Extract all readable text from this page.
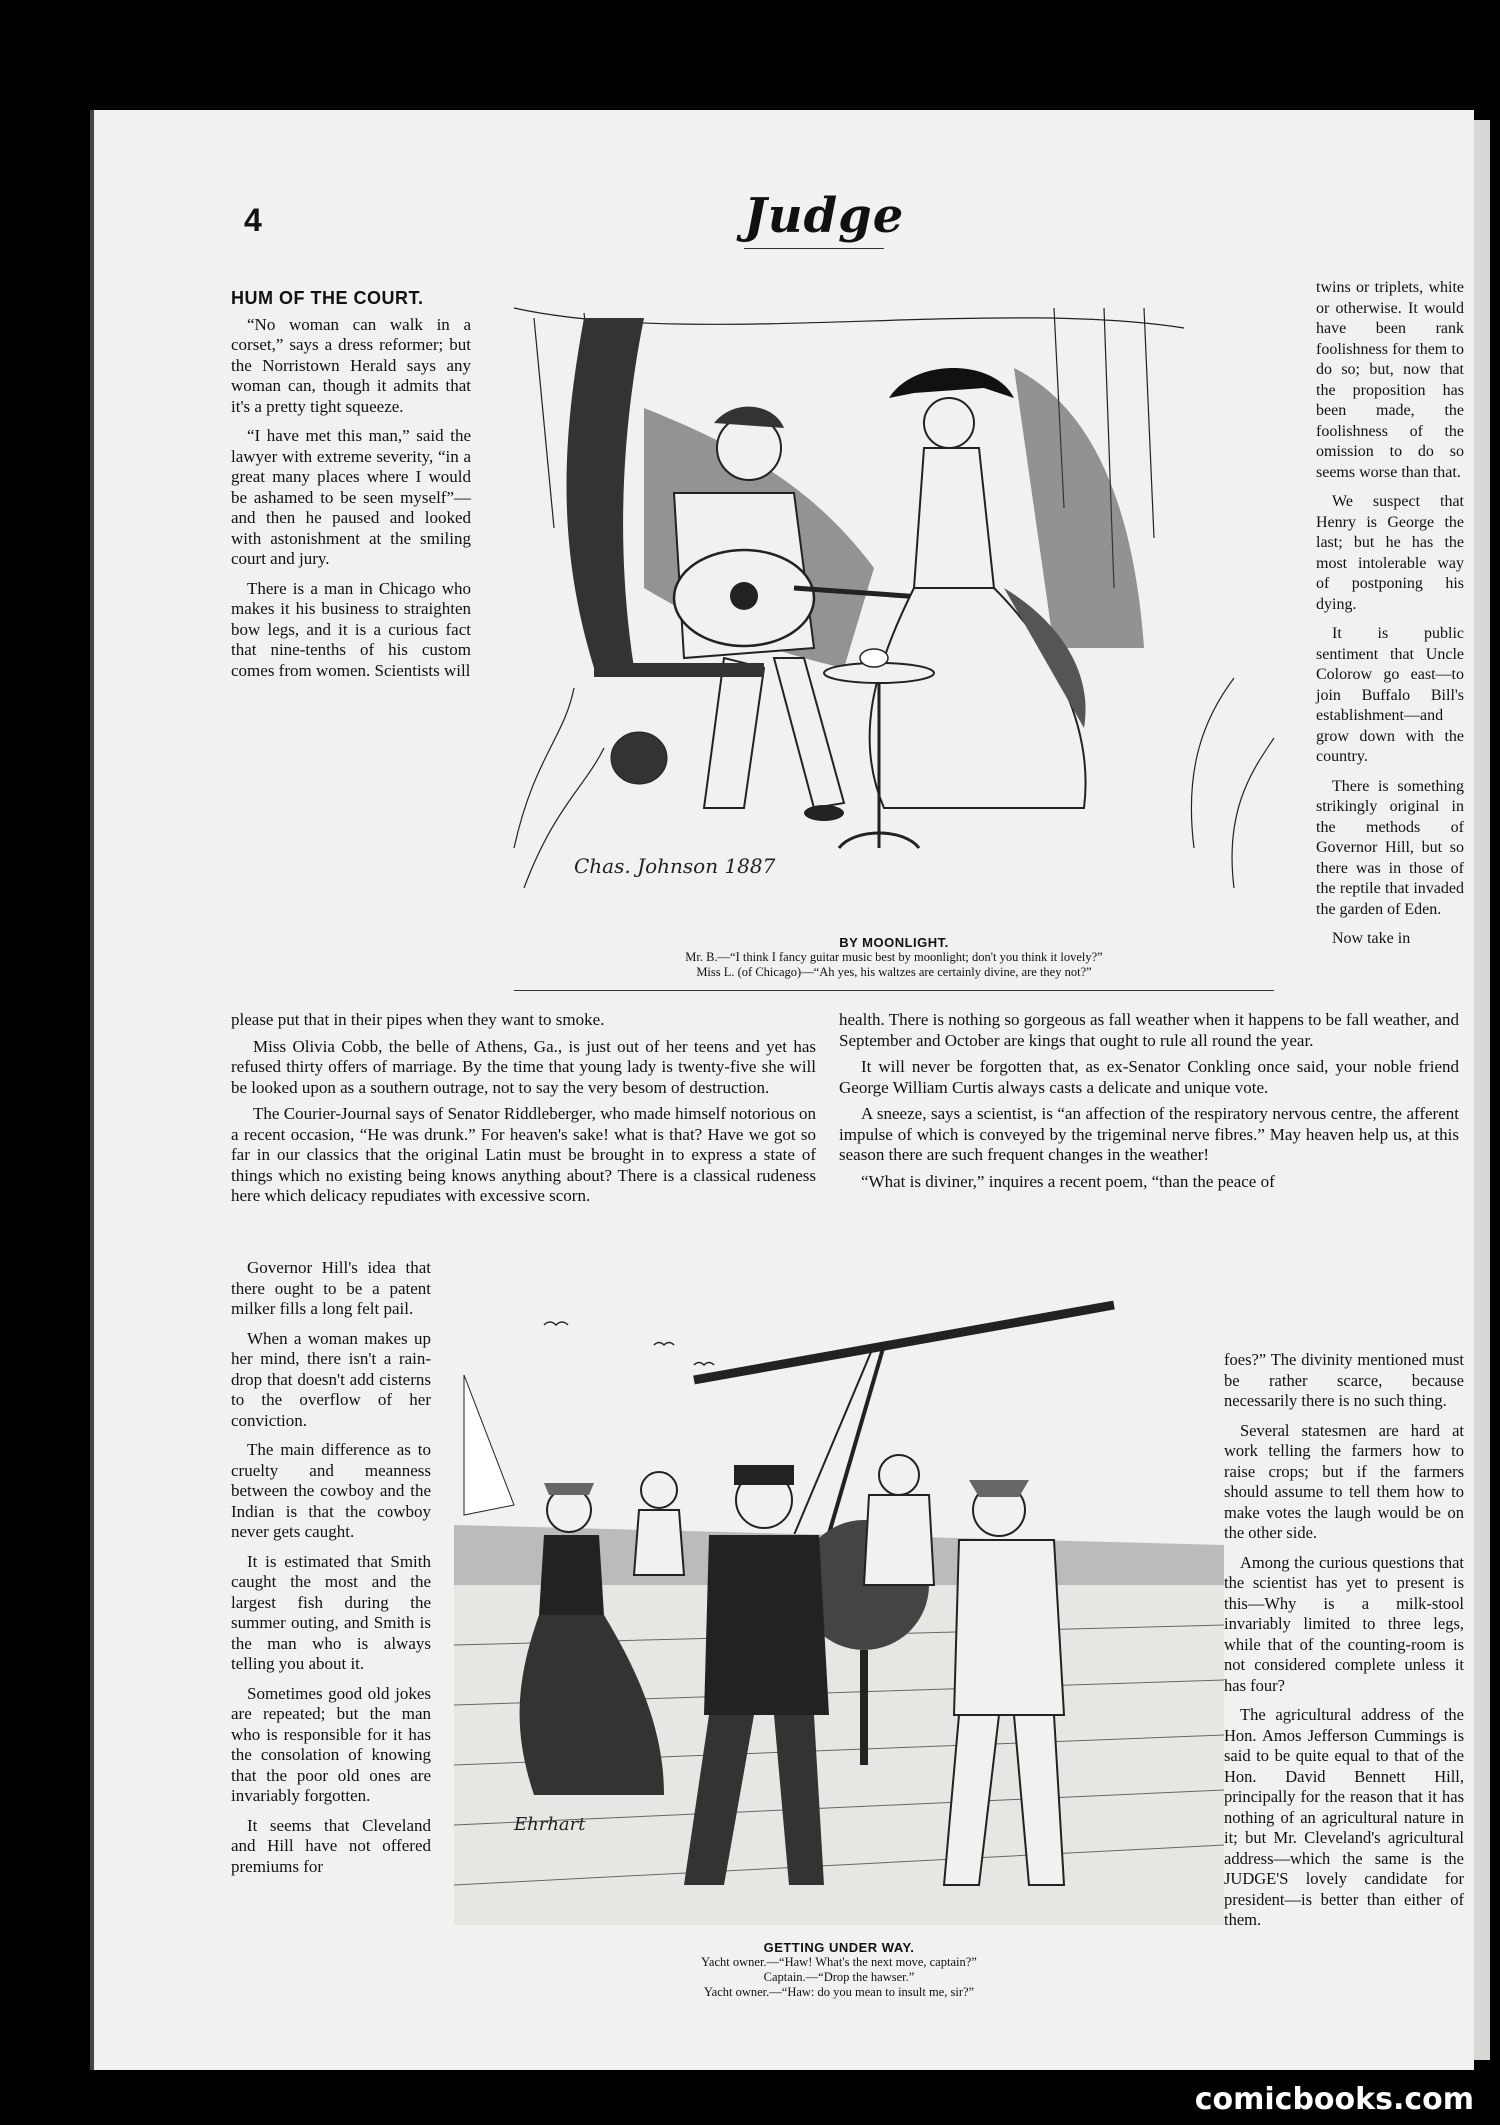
4	Judge
HUM OF THE COURT.

“No woman can walk in a corset,” says a dress reformer; but the Norristown Herald says any woman can, though it admits that it's a pretty tight squeeze.

“I have met this man,” said the lawyer with extreme severity, “in a great many places where I would be ashamed to be seen myself”—and then he paused and looked with astonishment at the smiling court and jury.

There is a man in Chicago who makes it his business to straighten bow legs, and it is a curious fact that nine-tenths of his custom comes from women. Scientists will

Chas. Johnson 1887
BY MOONLIGHT.
Mr. B.—“I think I fancy guitar music best by moonlight; don't you think it lovely?”
Miss L. (of Chicago)—“Ah yes, his waltzes are certainly divine, are they not?”

twins or triplets, white or otherwise. It would have been rank foolishness for them to do so; but, now that the proposition has been made, the foolishness of the omission to do so seems worse than that.

We suspect that Henry is George the last; but he has the most intolerable way of postponing his dying.

It is public sentiment that Uncle Colorow go east—to join Buffalo Bill's establishment—and grow down with the country.

There is something strikingly original in the methods of Governor Hill, but so there was in those of the reptile that invaded the garden of Eden.

Now take in

please put that in their pipes when they want to smoke.

Miss Olivia Cobb, the belle of Athens, Ga., is just out of her teens and yet has refused thirty offers of marriage. By the time that young lady is twenty-five she will be looked upon as a southern outrage, not to say the very besom of destruction.

The Courier-Journal says of Senator Riddleberger, who made himself notorious on a recent occasion, “He was drunk.” For heaven's sake! what is that? Have we got so far in our classics that the original Latin must be brought in to express a state of things which no existing being knows anything about? There is a classical rudeness here which delicacy repudiates with excessive scorn.

health. There is nothing so gorgeous as fall weather when it happens to be fall weather, and September and October are kings that ought to rule all round the year.

It will never be forgotten that, as ex-Senator Conkling once said, your noble friend George William Curtis always casts a delicate and unique vote.

A sneeze, says a scientist, is “an affection of the respiratory nervous centre, the afferent impulse of which is conveyed by the trigeminal nerve fibres.” May heaven help us, at this season there are such frequent changes in the weather!

“What is diviner,” inquires a recent poem, “than the peace of

Governor Hill's idea that there ought to be a patent milker fills a long felt pail.

When a woman makes up her mind, there isn't a rain-drop that doesn't add cisterns to the overflow of her conviction.

The main difference as to cruelty and meanness between the cowboy and the Indian is that the cowboy never gets caught.

It is estimated that Smith caught the most and the largest fish during the summer outing, and Smith is the man who is always telling you about it.

Sometimes good old jokes are repeated; but the man who is responsible for it has the consolation of knowing that the poor old ones are invariably forgotten.

It seems that Cleveland and Hill have not offered premiums for

Ehrhart
GETTING UNDER WAY.
Yacht owner.—“Haw! What's the next move, captain?”
Captain.—“Drop the hawser.”
Yacht owner.—“Haw: do you mean to insult me, sir?”

foes?” The divinity mentioned must be rather scarce, because necessarily there is no such thing.

Several statesmen are hard at work telling the farmers how to raise crops; but if the farmers should assume to tell them how to make votes the laugh would be on the other side.

Among the curious questions that the scientist has yet to present is this—Why is a milk-stool invariably limited to three legs, while that of the counting-room is not considered complete unless it has four?

The agricultural address of the Hon. Amos Jefferson Cummings is said to be quite equal to that of the Hon. David Bennett Hill, principally for the reason that it has nothing of an agricultural nature in it; but Mr. Cleveland's agricultural address—which the same is the JUDGE'S lovely candidate for president—is better than either of them.

comicbooks.com
